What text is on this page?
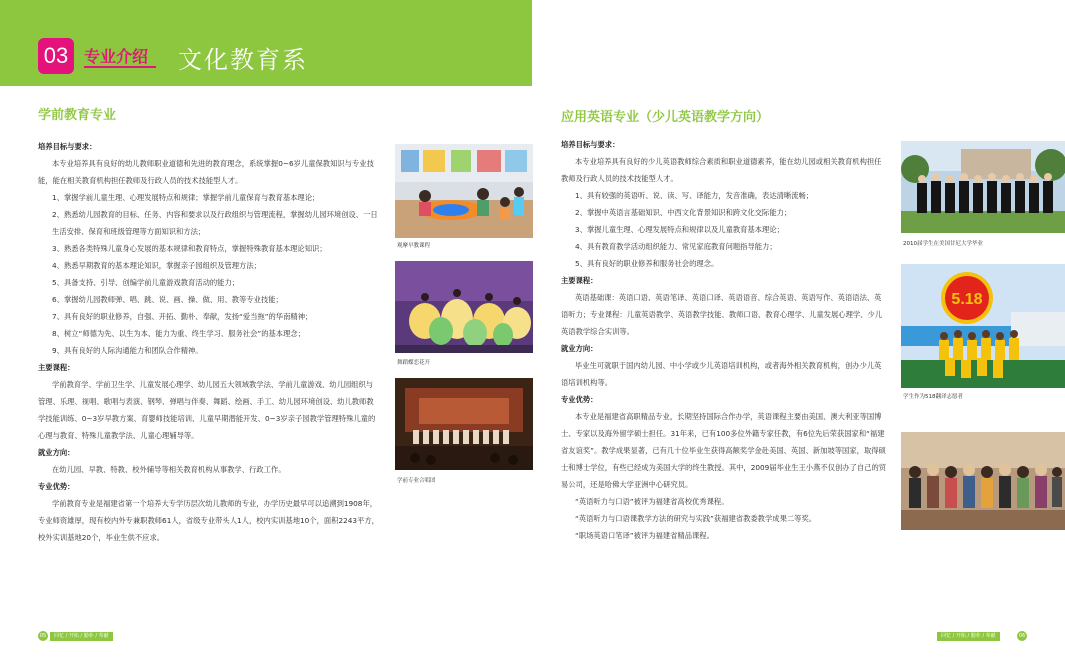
03 专业介绍 文化教育系
学前教育专业
培养目标与要求：
本专业培养具有良好的幼儿教师职业道德和先进的教育理念，系统掌握0~6岁儿童保教知识与专业技能，能在相关教育机构担任教师及行政人员的技术技能型人才。
1、掌握学前儿童生理、心理发展特点和规律；掌握学前儿童保育与教育基本理论；
2、熟悉幼儿园教育的目标、任务、内容和要求以及行政组织与管理流程，掌握幼儿园环境创设、一日生活安排、保育和班级管理等方面知识和方法；
3、熟悉各类特殊儿童身心发展的基本规律和教育特点，掌握特殊教育基本理论知识；
4、熟悉早期教育的基本理论知识，掌握亲子园组织及管理方法；
5、具备支持、引导、创编学前儿童游戏教育活动的能力；
6、掌握幼儿园教师弹、唱、跳、说、画、操、做、用、教等专业技能；
7、具有良好的职业修养，自强、开拓、勤朴、奉献，发扬“爱当拖”的华南精神；
8、树立“师德为先、以生为本、能力为重、终生学习、服务社会”的基本理念；
9、具有良好的人际沟通能力和团队合作精神。
主要课程：
学前教育学、学前卫生学、儿童发展心理学、幼儿园五大领域教学法、学前儿童游戏、幼儿园组织与管理、乐理、视唱、歌唱与表演、钢琴、弹唱与伴奏、舞蹈、绘画、手工、幼儿园环境创设、幼儿教师教学技能训练、0~3岁早教方案、育婴师技能培训、儿童早期潜能开发、0~3岁亲子园教学管理特殊儿童的心理与教育、特殊儿童教学法、儿童心理辅导等。
就业方向：
在幼儿园、早教、特教、校外辅导等相关教育机构从事教学、行政工作。
专业优势：
学前教育专业是福建省第一个培养大专学历层次幼儿教师的专业，办学历史最早可以追溯到1908年，专业师资雄厚，现有校内外专兼职教师61人，省级专业带头人1人，校内实训基地10个，面积2243平方，校外实训基地20个，毕业生供不应求。
观摩早教课程
舞蹈蝶恋花开
学前专业合唱团
05	回忆 / 开拓 / 勤朴 / 奉献
应用英语专业（少儿英语教学方向）
培养目标与要求：
本专业培养具有良好的少儿英语教师综合素质和职业道德素养，能在幼儿园或相关教育机构担任教师及行政人员的技术技能型人才。
1、具有较强的英语听、说、读、写、译能力，发音准确，表达清晰流畅；
2、掌握中英语言基础知识、中西文化背景知识和跨文化交际能力；
3、掌握儿童生理、心理发展特点和规律以及儿童教育基本理论；
4、具有教育教学活动组织能力、常见家庭教育问题指导能力；
5、具有良好的职业修养和服务社会的理念。
主要课程：
英语基础课：英语口语、英语笔译、英语口译、英语语音、综合英语、英语写作、英语语法、英语听力；专业课程：儿童英语教学、英语教学技能、教师口语、教育心理学、儿童发展心理学、少儿英语教学综合实训等。
就业方向：
毕业生可就职于国内幼儿园、中小学或少儿英语培训机构，或者海外相关教育机构，创办少儿英语培训机构等。
专业优势：
本专业是福建省高职精品专业，长期坚持国际合作办学，英语课程主要由美国、澳大利亚等国博士、专家以及海外留学硕士担任。31年来，已有100多位外籍专家任教，有6位先后荣获国家和“福建省友谊奖”。教学成果显著，已有几十位毕业生获得高额奖学金赴美国、英国、新加坡等国家，取得硕士和博士学位，有些已经成为美国大学的终生教授。其中，2009届毕业生王小燕不仅创办了自己的贸易公司，还是哈佛大学亚洲中心研究员。
“英语听力与口语”被评为福建省高校优秀课程。
“英语听力与口语课教学方法的研究与实践”获福建省教委教学成果二等奖。
“职场英语口笔译”被评为福建省精品课程。
2010届学生在美国甘尼大学毕业
5.18
学生作为518翻译志愿者
回忆 / 开拓 / 勤朴 / 奉献	06
